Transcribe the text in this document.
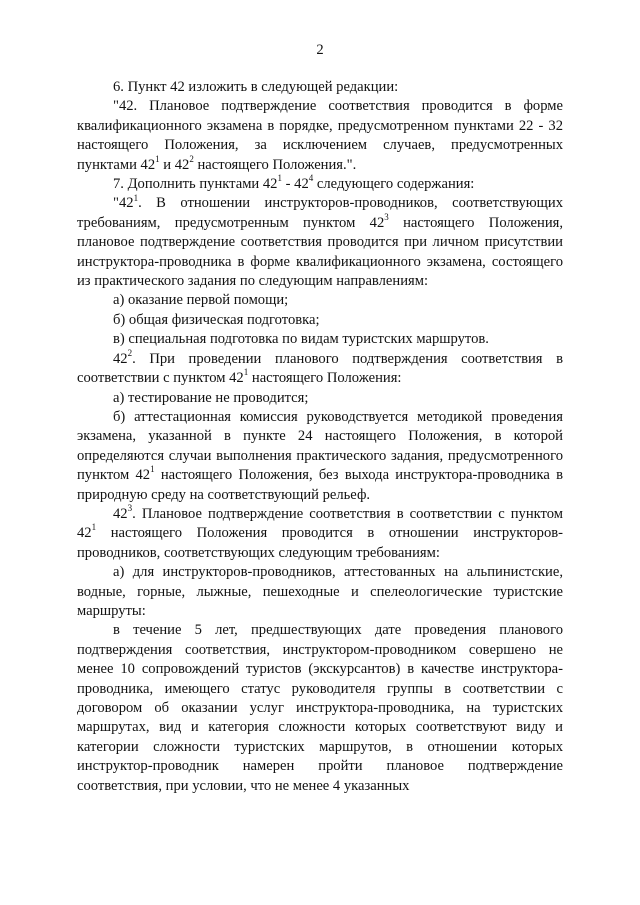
2

6. Пункт 42 изложить в следующей редакции:

"42. Плановое подтверждение соответствия проводится в форме квалификационного экзамена в порядке, предусмотренном пунктами 22 - 32 настоящего Положения, за исключением случаев, предусмотренных пунктами $42^1$ и $42^2$ настоящего Положения.".

7. Дополнить пунктами $42^1 - 42^4$ следующего содержания:

"$42^1$. В отношении инструкторов-проводников, соответствующих требованиям, предусмотренным пунктом $42^3$ настоящего Положения, плановое подтверждение соответствия проводится при личном присутствии инструктора-проводника в форме квалификационного экзамена, состоящего из практического задания по следующим направлениям:

а) оказание первой помощи;

б) общая физическая подготовка;

в) специальная подготовка по видам туристских маршрутов.

$42^2$. При проведении планового подтверждения соответствия в соответствии с пунктом $42^1$ настоящего Положения:

а) тестирование не проводится;

б) аттестационная комиссия руководствуется методикой проведения экзамена, указанной в пункте 24 настоящего Положения, в которой определяются случаи выполнения практического задания, предусмотренного пунктом $42^1$ настоящего Положения, без выхода инструктора-проводника в природную среду на соответствующий рельеф.

$42^3$. Плановое подтверждение соответствия в соответствии с пунктом $42^1$ настоящего Положения проводится в отношении инструкторов-проводников, соответствующих следующим требованиям:

а) для инструкторов-проводников, аттестованных на альпинистские, водные, горные, лыжные, пешеходные и спелеологические туристские маршруты:

в течение 5 лет, предшествующих дате проведения планового подтверждения соответствия, инструктором-проводником совершено не менее 10 сопровождений туристов (экскурсантов) в качестве инструктора-проводника, имеющего статус руководителя группы в соответствии с договором об оказании услуг инструктора-проводника, на туристских маршрутах, вид и категория сложности которых соответствуют виду и категории сложности туристских маршрутов, в отношении которых инструктор-проводник намерен пройти плановое подтверждение соответствия, при условии, что не менее 4 указанных
